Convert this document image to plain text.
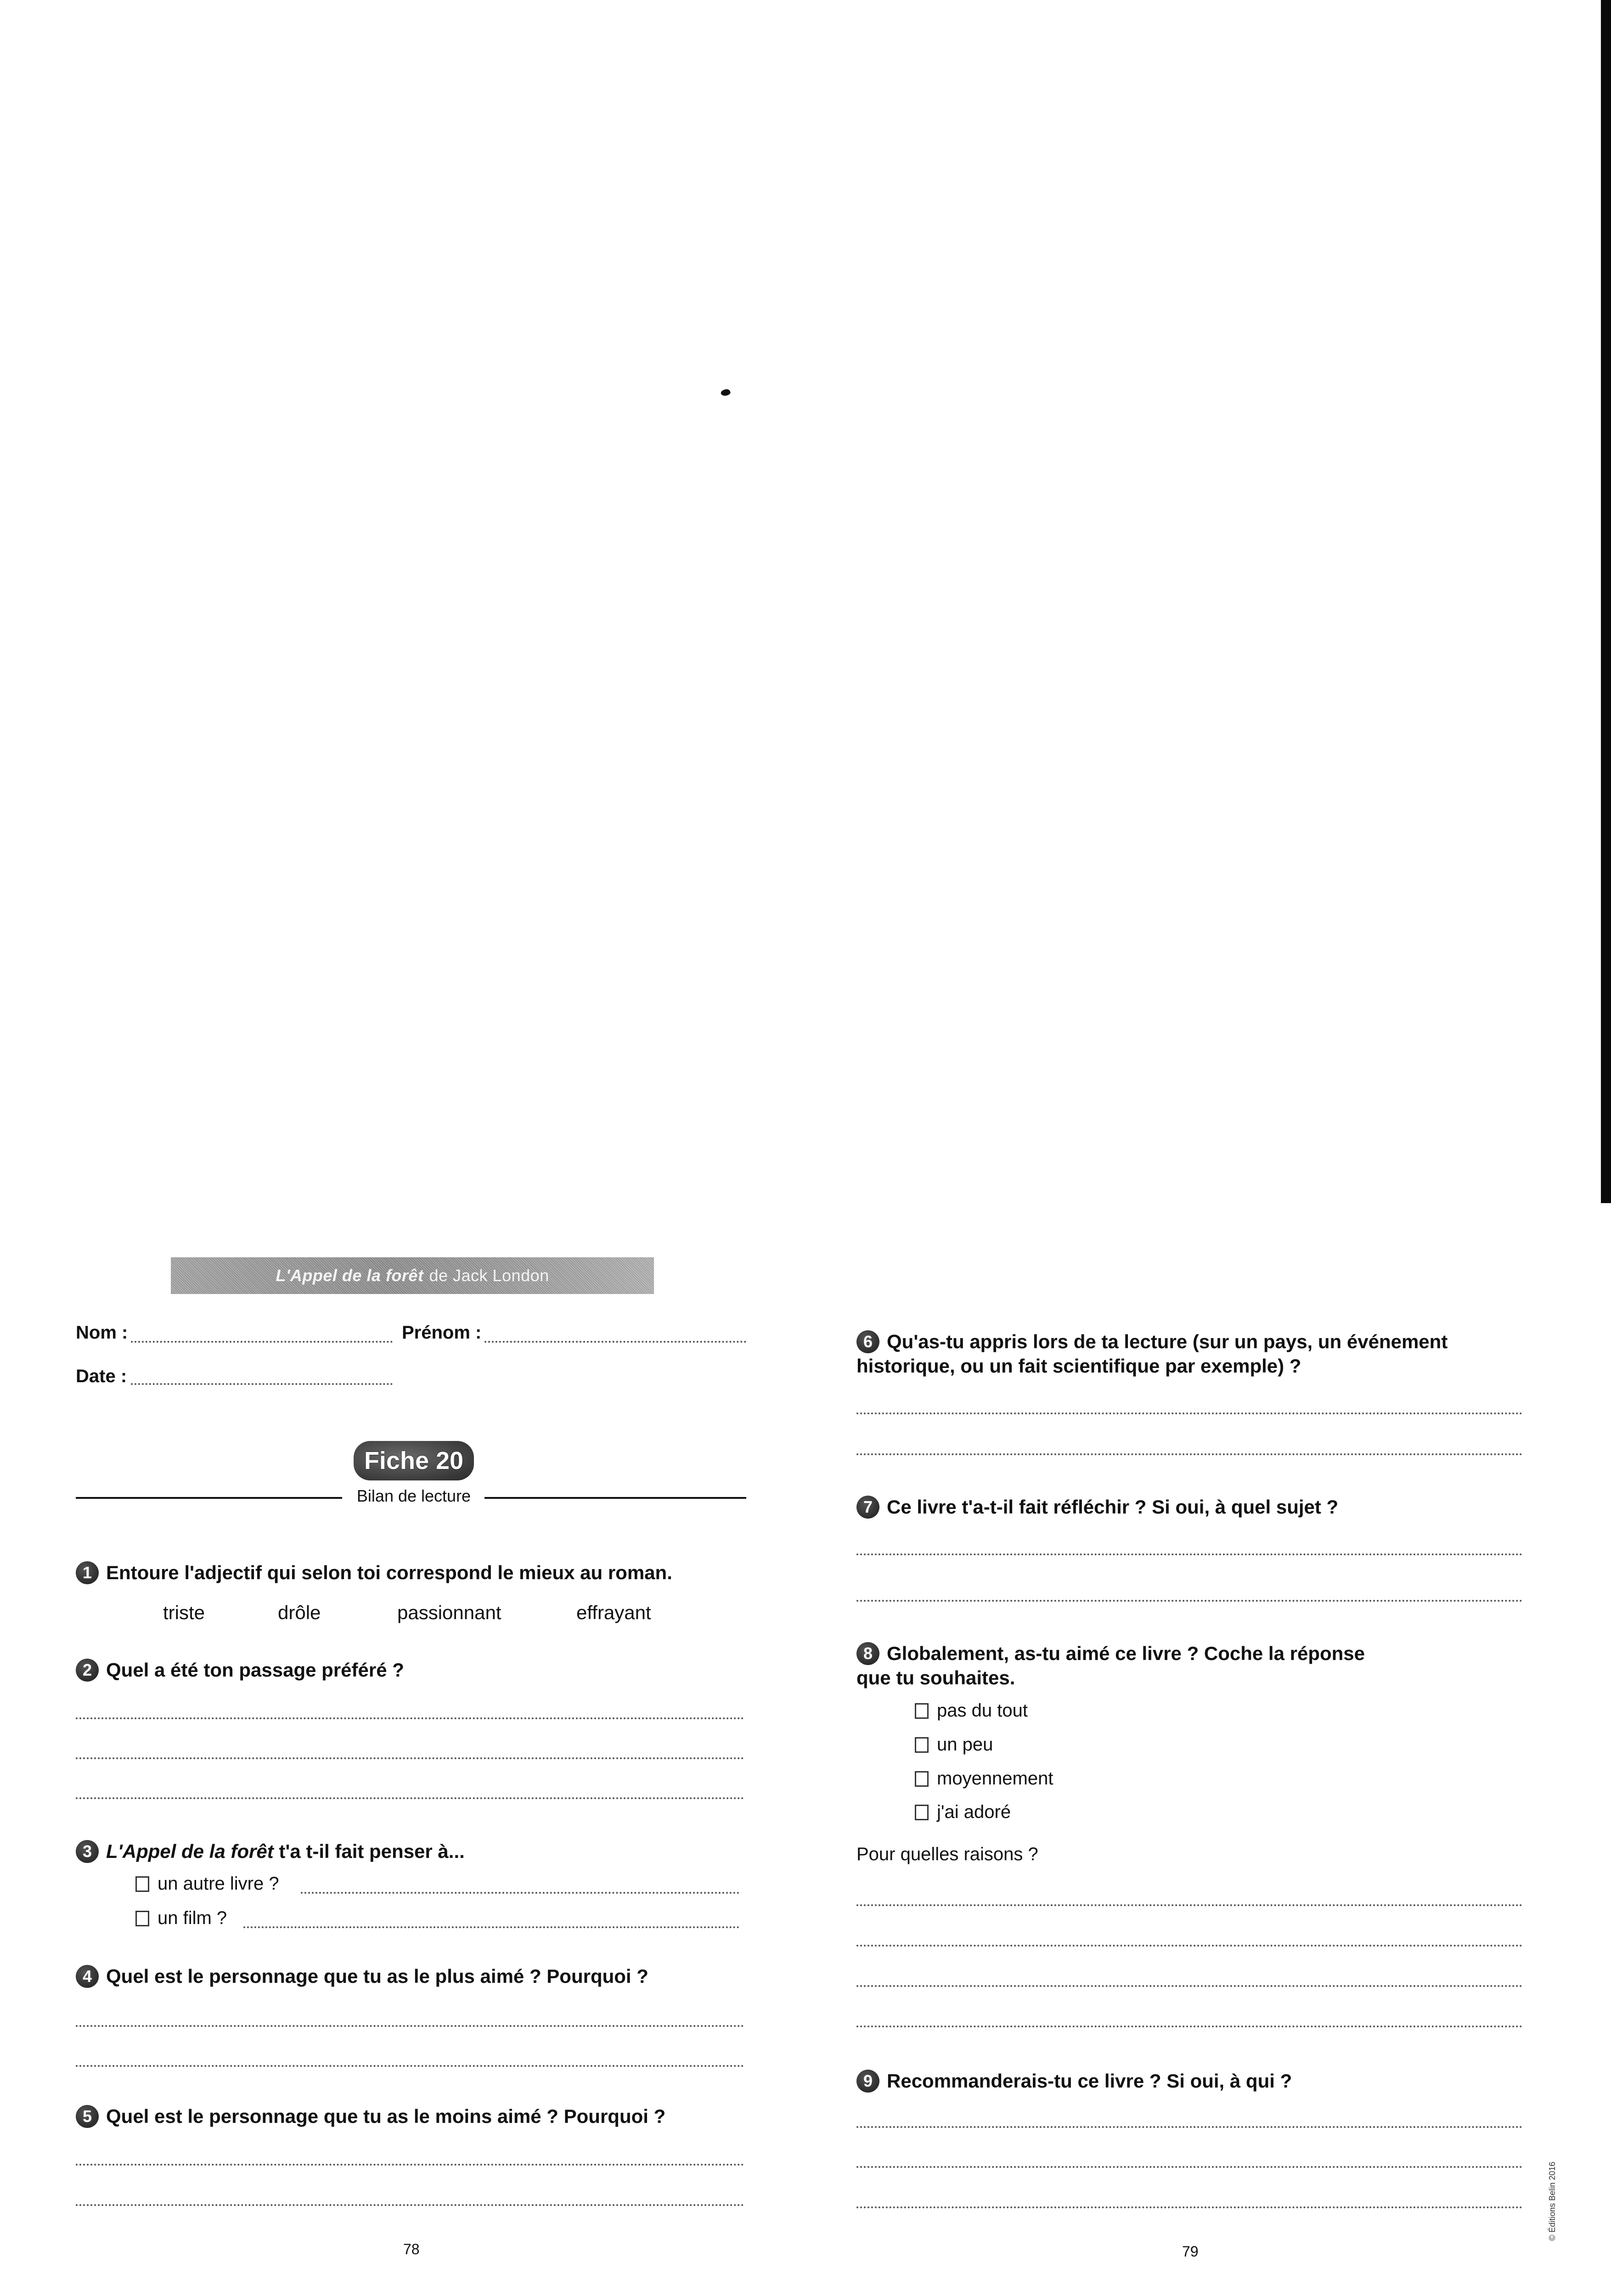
L'Appel de la forêt de Jack London
Nom :	Prénom :
Date :
Fiche 20
Bilan de lecture
1 Entoure l'adjectif qui selon toi correspond le mieux au roman.
triste	drôle	passionnant	effrayant
2 Quel a été ton passage préféré ?
3 L'Appel de la forêt t'a t-il fait penser à...
un autre livre ?
un film ?
4 Quel est le personnage que tu as le plus aimé ? Pourquoi ?
5 Quel est le personnage que tu as le moins aimé ? Pourquoi ?
78
6 Qu'as-tu appris lors de ta lecture (sur un pays, un événement
historique, ou un fait scientifique par exemple) ?
7 Ce livre t'a-t-il fait réfléchir ? Si oui, à quel sujet ?
8 Globalement, as-tu aimé ce livre ? Coche la réponse
que tu souhaites.
pas du tout
un peu
moyennement
j'ai adoré
Pour quelles raisons ?
9 Recommanderais-tu ce livre ? Si oui, à qui ?
79
© Éditions Belin 2016
